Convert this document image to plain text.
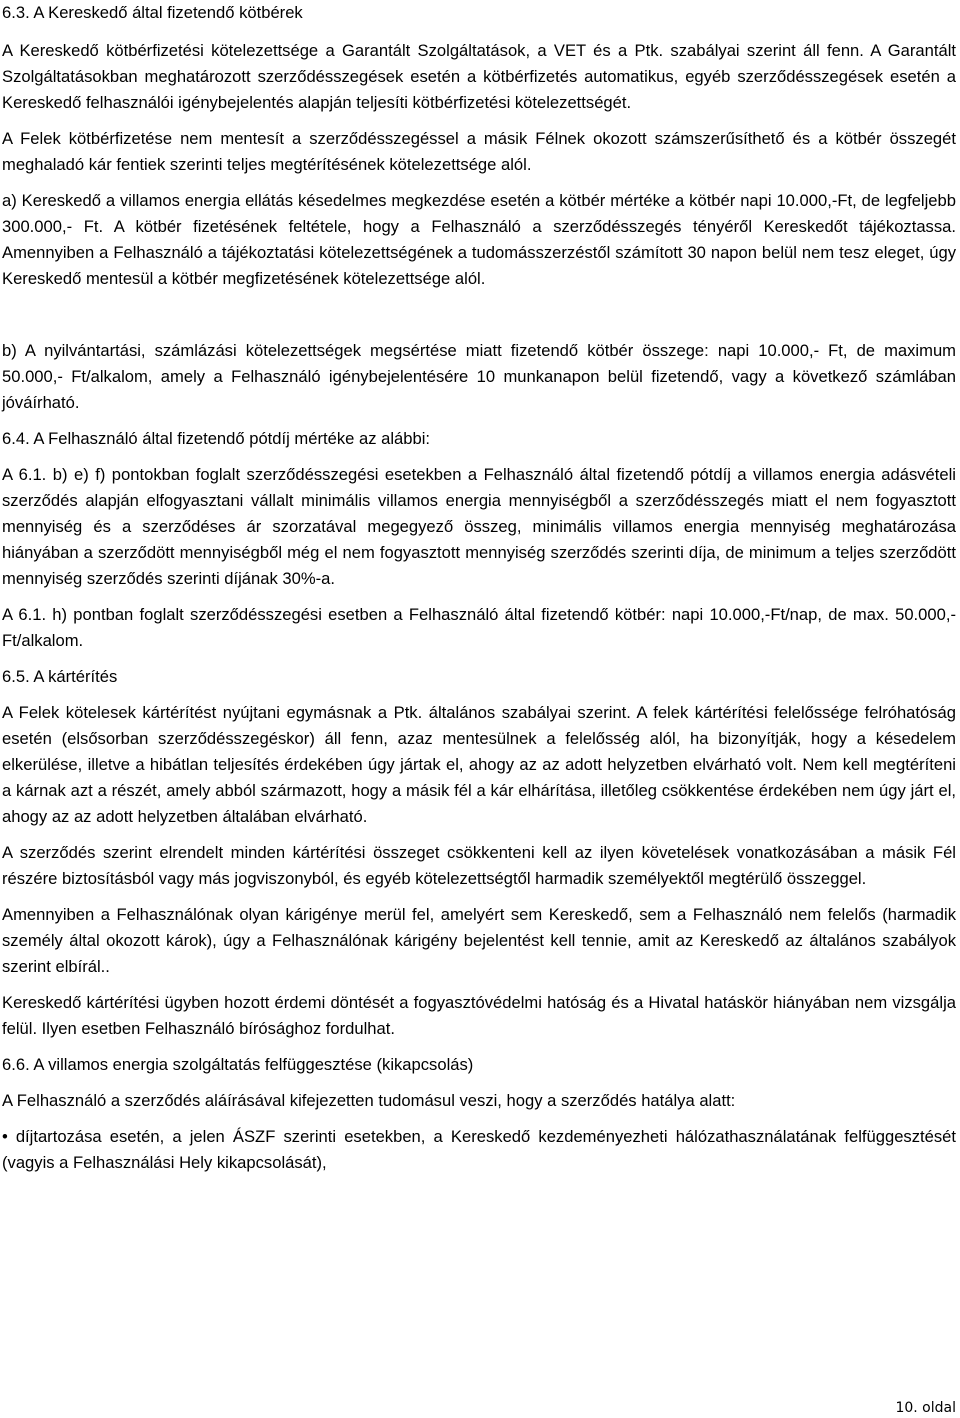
6.3. A Kereskedő által fizetendő kötbérek

A Kereskedő kötbérfizetési kötelezettsége a Garantált Szolgáltatások, a VET és a Ptk. szabályai szerint áll fenn. A Garantált Szolgáltatásokban meghatározott szerződésszegések esetén a kötbérfizetés automatikus, egyéb szerződésszegések esetén a Kereskedő felhasználói igénybejelentés alapján teljesíti kötbérfizetési kötelezettségét.

A Felek kötbérfizetése nem mentesít a szerződésszegéssel a másik Félnek okozott számszerűsíthető és a kötbér összegét meghaladó kár fentiek szerinti teljes megtérítésének kötelezettsége alól.

a) Kereskedő a villamos energia ellátás késedelmes megkezdése esetén a kötbér mértéke a kötbér napi 10.000,-Ft, de legfeljebb 300.000,- Ft. A kötbér fizetésének feltétele, hogy a Felhasználó a szerződésszegés tényéről Kereskedőt tájékoztassa. Amennyiben a Felhasználó a tájékoztatási kötelezettségének a tudomásszerzéstől számított 30 napon belül nem tesz eleget, úgy Kereskedő mentesül a kötbér megfizetésének kötelezettsége alól.

b) A nyilvántartási, számlázási kötelezettségek megsértése miatt fizetendő kötbér összege: napi 10.000,- Ft, de maximum 50.000,- Ft/alkalom, amely a Felhasználó igénybejelentésére 10 munkanapon belül fizetendő, vagy a következő számlában jóváírható.

6.4. A Felhasználó által fizetendő pótdíj mértéke az alábbi:

A 6.1. b) e) f) pontokban foglalt szerződésszegési esetekben a Felhasználó által fizetendő pótdíj a villamos energia adásvételi szerződés alapján elfogyasztani vállalt minimális villamos energia mennyiségből a szerződésszegés miatt el nem fogyasztott mennyiség és a szerződéses ár szorzatával megegyező összeg, minimális villamos energia mennyiség meghatározása hiányában a szerződött mennyiségből még el nem fogyasztott mennyiség szerződés szerinti díja, de minimum a teljes szerződött mennyiség szerződés szerinti díjának 30%-a.

A 6.1. h) pontban foglalt szerződésszegési esetben a Felhasználó által fizetendő kötbér: napi 10.000,-Ft/nap, de max. 50.000,-Ft/alkalom.

6.5. A kártérítés

A Felek kötelesek kártérítést nyújtani egymásnak a Ptk. általános szabályai szerint. A felek kártérítési felelőssége felróhatóság esetén (elsősorban szerződésszegéskor) áll fenn, azaz mentesülnek a felelősség alól, ha bizonyítják, hogy a késedelem elkerülése, illetve a hibátlan teljesítés érdekében úgy jártak el, ahogy az az adott helyzetben elvárható volt. Nem kell megtéríteni a kárnak azt a részét, amely abból származott, hogy a másik fél a kár elhárítása, illetőleg csökkentése érdekében nem úgy járt el, ahogy az az adott helyzetben általában elvárható.

A szerződés szerint elrendelt minden kártérítési összeget csökkenteni kell az ilyen követelések vonatkozásában a másik Fél részére biztosításból vagy más jogviszonyból, és egyéb kötelezettségtől harmadik személyektől megtérülő összeggel.

Amennyiben a Felhasználónak olyan kárigénye merül fel, amelyért sem Kereskedő, sem a Felhasználó nem felelős (harmadik személy által okozott károk), úgy a Felhasználónak kárigény bejelentést kell tennie, amit az Kereskedő az általános szabályok szerint elbírál..

Kereskedő kártérítési ügyben hozott érdemi döntését a fogyasztóvédelmi hatóság és a Hivatal hatáskör hiányában nem vizsgálja felül. Ilyen esetben Felhasználó bírósághoz fordulhat.

6.6. A villamos energia szolgáltatás felfüggesztése (kikapcsolás)

A Felhasználó a szerződés aláírásával kifejezetten tudomásul veszi, hogy a szerződés hatálya alatt:

• díjtartozása esetén, a jelen ÁSZF szerinti esetekben, a Kereskedő kezdeményezheti hálózathasználatának felfüggesztését (vagyis a Felhasználási Hely kikapcsolását),

10. oldal
